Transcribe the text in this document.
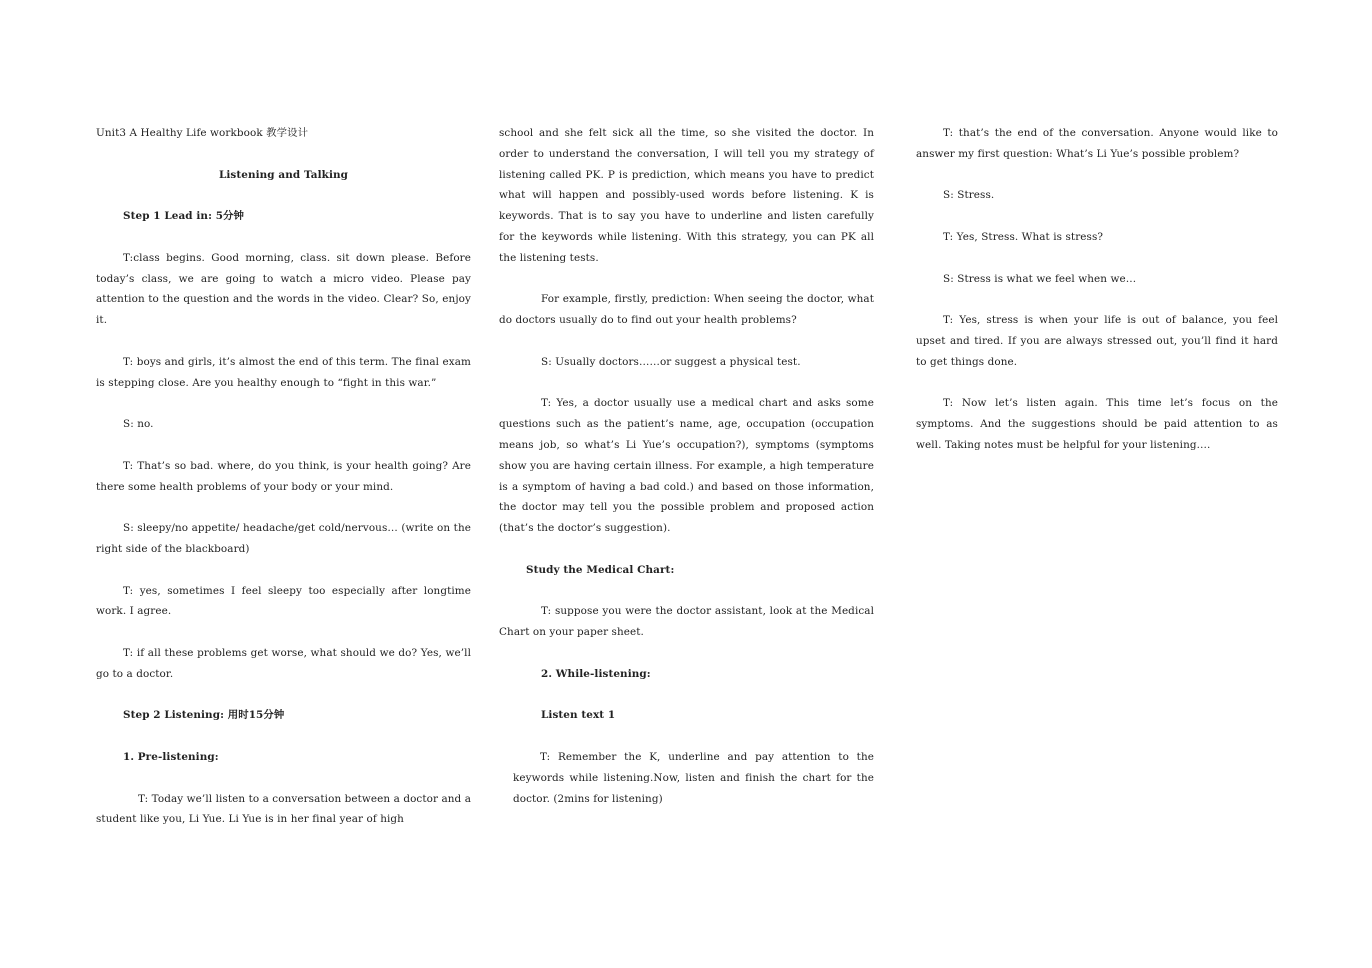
Unit3 A Healthy Life workbook 教学设计

Listening and Talking

Step 1 Lead in: 5分钟

T:class begins. Good morning, class. sit down please. Before today’s class, we are going to watch a micro video. Please pay attention to the question and the words in the video. Clear? So, enjoy it.

T: boys and girls, it’s almost the end of this term. The final exam is stepping close. Are you healthy enough to “fight in this war.”

S: no.

T: That’s so bad. where, do you think, is your health going? Are there some health problems of your body or your mind.

S: sleepy/no appetite/ headache/get cold/nervous… (write on the right side of the blackboard)

T: yes, sometimes I feel sleepy too especially after longtime work. I agree.

T: if all these problems get worse, what should we do? Yes, we’ll go to a doctor.

Step 2 Listening: 用时15分钟

1. Pre-listening:

T: Today we’ll listen to a conversation between a doctor and a student like you, Li Yue. Li Yue is in her final year of high

school and she felt sick all the time, so she visited the doctor. In order to understand the conversation, I will tell you my strategy of listening called PK. P is prediction, which means you have to predict what will happen and possibly-used words before listening. K is keywords. That is to say you have to underline and listen carefully for the keywords while listening. With this strategy, you can PK all the listening tests.

For example, firstly, prediction: When seeing the doctor, what do doctors usually do to find out your health problems?

S: Usually doctors……or suggest a physical test.

T: Yes, a doctor usually use a medical chart and asks some questions such as the patient’s name, age, occupation (occupation means job, so what’s Li Yue’s occupation?), symptoms (symptoms show you are having certain illness. For example, a high temperature is a symptom of having a bad cold.) and based on those information, the doctor may tell you the possible problem and proposed action (that’s the doctor’s suggestion).

Study the Medical Chart:

T: suppose you were the doctor assistant, look at the Medical Chart on your paper sheet.

2. While-listening:

Listen text 1

T: Remember the K, underline and pay attention to the keywords while listening.Now, listen and finish the chart for the doctor. (2mins for listening)

T: that’s the end of the conversation. Anyone would like to answer my first question: What’s Li Yue’s possible problem?

S: Stress.

T: Yes, Stress. What is stress?

S: Stress is what we feel when we…

T: Yes, stress is when your life is out of balance, you feel upset and tired. If you are always stressed out, you’ll find it hard to get things done.

T: Now let’s listen again. This time let’s focus on the symptoms. And the suggestions should be paid attention to as well. Taking notes must be helpful for your listening.…
